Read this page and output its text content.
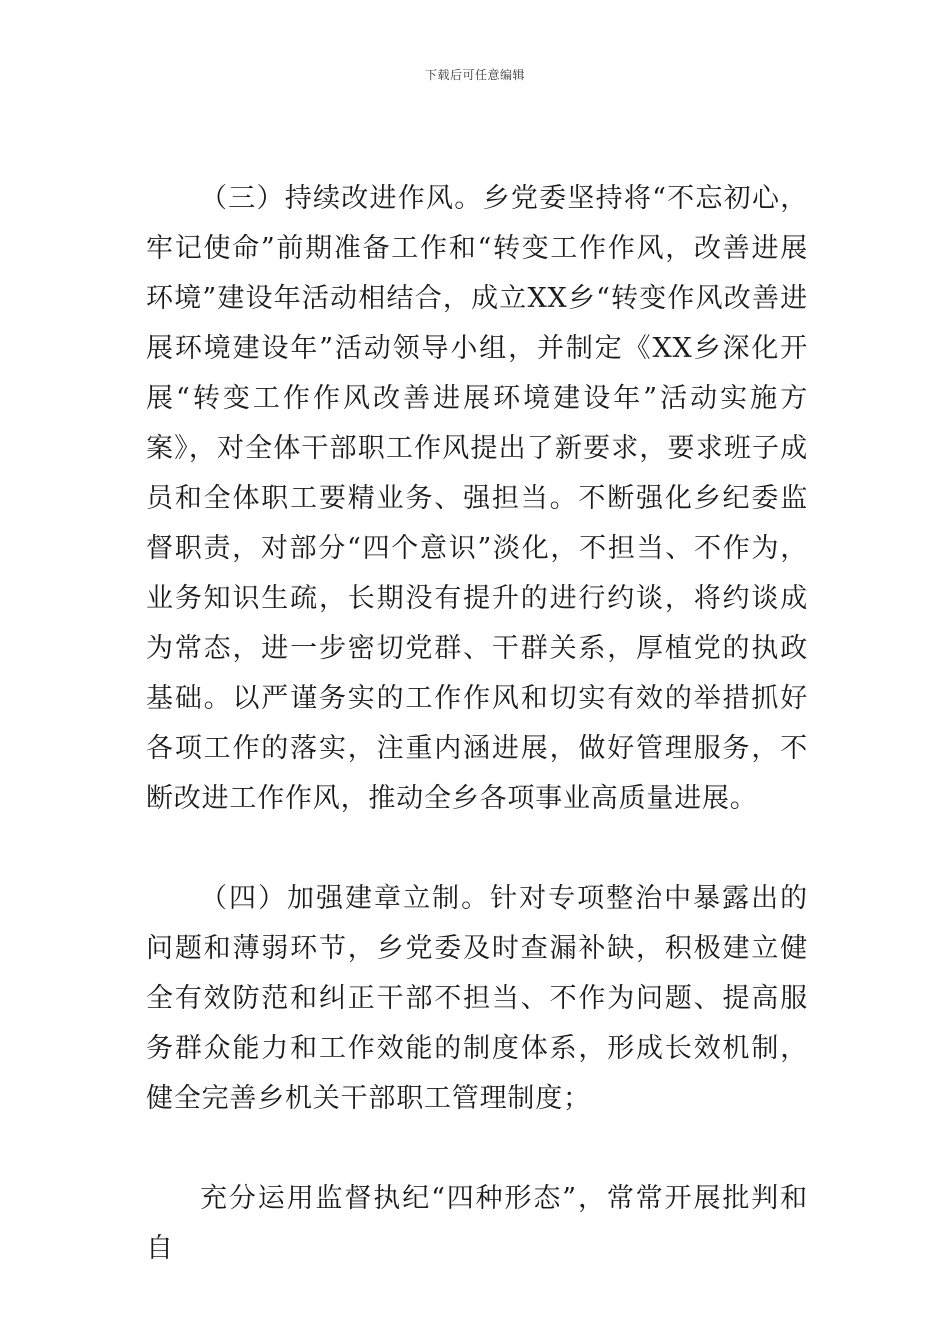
下载后可任意编辑

（三）持续改进作风。乡党委坚持将“不忘初心，牢记使命”前期准备工作和“转变工作作风，改善进展环境”建设年活动相结合，成立XX乡“转变作风改善进展环境建设年”活动领导小组，并制定《XX乡深化开展“转变工作作风改善进展环境建设年”活动实施方案》，对全体干部职工作风提出了新要求，要求班子成员和全体职工要精业务、强担当。不断强化乡纪委监督职责，对部分“四个意识”淡化，不担当、不作为，业务知识生疏，长期没有提升的进行约谈，将约谈成为常态，进一步密切党群、干群关系，厚植党的执政基础。以严谨务实的工作作风和切实有效的举措抓好各项工作的落实，注重内涵进展，做好管理服务，不断改进工作作风，推动全乡各项事业高质量进展。

（四）加强建章立制。针对专项整治中暴露出的问题和薄弱环节，乡党委及时查漏补缺，积极建立健全有效防范和纠正干部不担当、不作为问题、提高服务群众能力和工作效能的制度体系，形成长效机制，健全完善乡机关干部职工管理制度；

充分运用监督执纪“四种形态”，常常开展批判和自
